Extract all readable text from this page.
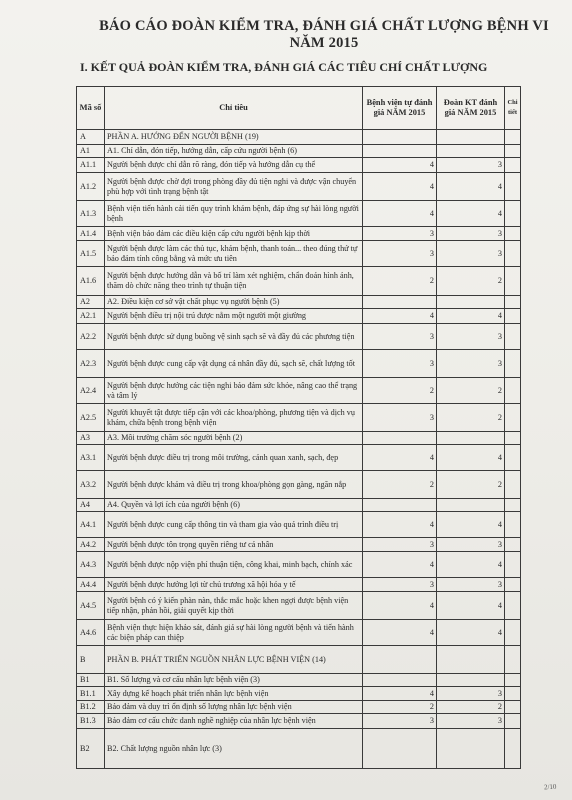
BÁO CÁO ĐOÀN KIỂM TRA, ĐÁNH GIÁ CHẤT LƯỢNG BỆNH VI
NĂM 2015
I. KẾT QUẢ ĐOÀN KIỂM TRA, ĐÁNH GIÁ CÁC TIÊU CHÍ CHẤT LƯỢNG
Mã số	Chỉ tiêu	Bệnh viện tự đánh giá NĂM 2015	Đoàn KT đánh giá NĂM 2015	Chi tiết
A	PHẦN A. HƯỚNG ĐẾN NGƯỜI BỆNH (19)			
A1	A1. Chỉ dẫn, đón tiếp, hướng dẫn, cấp cứu người bệnh (6)			
A1.1	Người bệnh được chỉ dẫn rõ ràng, đón tiếp và hướng dẫn cụ thể	4	3	
A1.2	Người bệnh được chờ đợi trong phòng đầy đủ tiện nghi và được vận chuyển phù hợp với tình trạng bệnh tật	4	4	
A1.3	Bệnh viện tiến hành cải tiến quy trình khám bệnh, đáp ứng sự hài lòng người bệnh	4	4	
A1.4	Bệnh viện bảo đảm các điều kiện cấp cứu người bệnh kịp thời	3	3	
A1.5	Người bệnh được làm các thủ tục, khám bệnh, thanh toán... theo đúng thứ tự bảo đảm tính công bằng và mức ưu tiên	3	3	
A1.6	Người bệnh được hướng dẫn và bố trí làm xét nghiệm, chẩn đoán hình ảnh, thăm dò chức năng theo trình tự thuận tiện	2	2	
A2	A2. Điều kiện cơ sở vật chất phục vụ người bệnh (5)			
A2.1	Người bệnh điều trị nội trú được nằm một người một giường	4	4	
A2.2	Người bệnh được sử dụng buồng vệ sinh sạch sẽ và đầy đủ các phương tiện	3	3	
A2.3	Người bệnh được cung cấp vật dụng cá nhân đầy đủ, sạch sẽ, chất lượng tốt	3	3	
A2.4	Người bệnh được hưởng các tiện nghi bảo đảm sức khỏe, nâng cao thể trạng và tâm lý	2	2	
A2.5	Người khuyết tật được tiếp cận với các khoa/phòng, phương tiện và dịch vụ khám, chữa bệnh trong bệnh viện	3	2	
A3	A3. Môi trường chăm sóc người bệnh (2)			
A3.1	Người bệnh được điều trị trong môi trường, cảnh quan xanh, sạch, đẹp	4	4	
A3.2	Người bệnh được khám và điều trị trong khoa/phòng gọn gàng, ngăn nắp	2	2	
A4	A4. Quyền và lợi ích của người bệnh (6)			
A4.1	Người bệnh được cung cấp thông tin và tham gia vào quá trình điều trị	4	4	
A4.2	Người bệnh được tôn trọng quyền riêng tư cá nhân	3	3	
A4.3	Người bệnh được nộp viện phí thuận tiện, công khai, minh bạch, chính xác	4	4	
A4.4	Người bệnh được hưởng lợi từ chủ trương xã hội hóa y tế	3	3	
A4.5	Người bệnh có ý kiến phàn nàn, thắc mắc hoặc khen ngợi được bệnh viện tiếp nhận, phản hồi, giải quyết kịp thời	4	4	
A4.6	Bệnh viện thực hiện khảo sát, đánh giá sự hài lòng người bệnh và tiến hành các biện pháp can thiệp	4	4	
B	PHẦN B. PHÁT TRIỂN NGUỒN NHÂN LỰC BỆNH VIỆN (14)			
B1	B1. Số lượng và cơ cấu nhân lực bệnh viện (3)			
B1.1	Xây dựng kế hoạch phát triển nhân lực bệnh viện	4	3	
B1.2	Bảo đảm và duy trì ổn định số lượng nhân lực bệnh viện	2	2	
B1.3	Bảo đảm cơ cấu chức danh nghề nghiệp của nhân lực bệnh viện	3	3	
B2	B2. Chất lượng nguồn nhân lực (3)			
2/10
